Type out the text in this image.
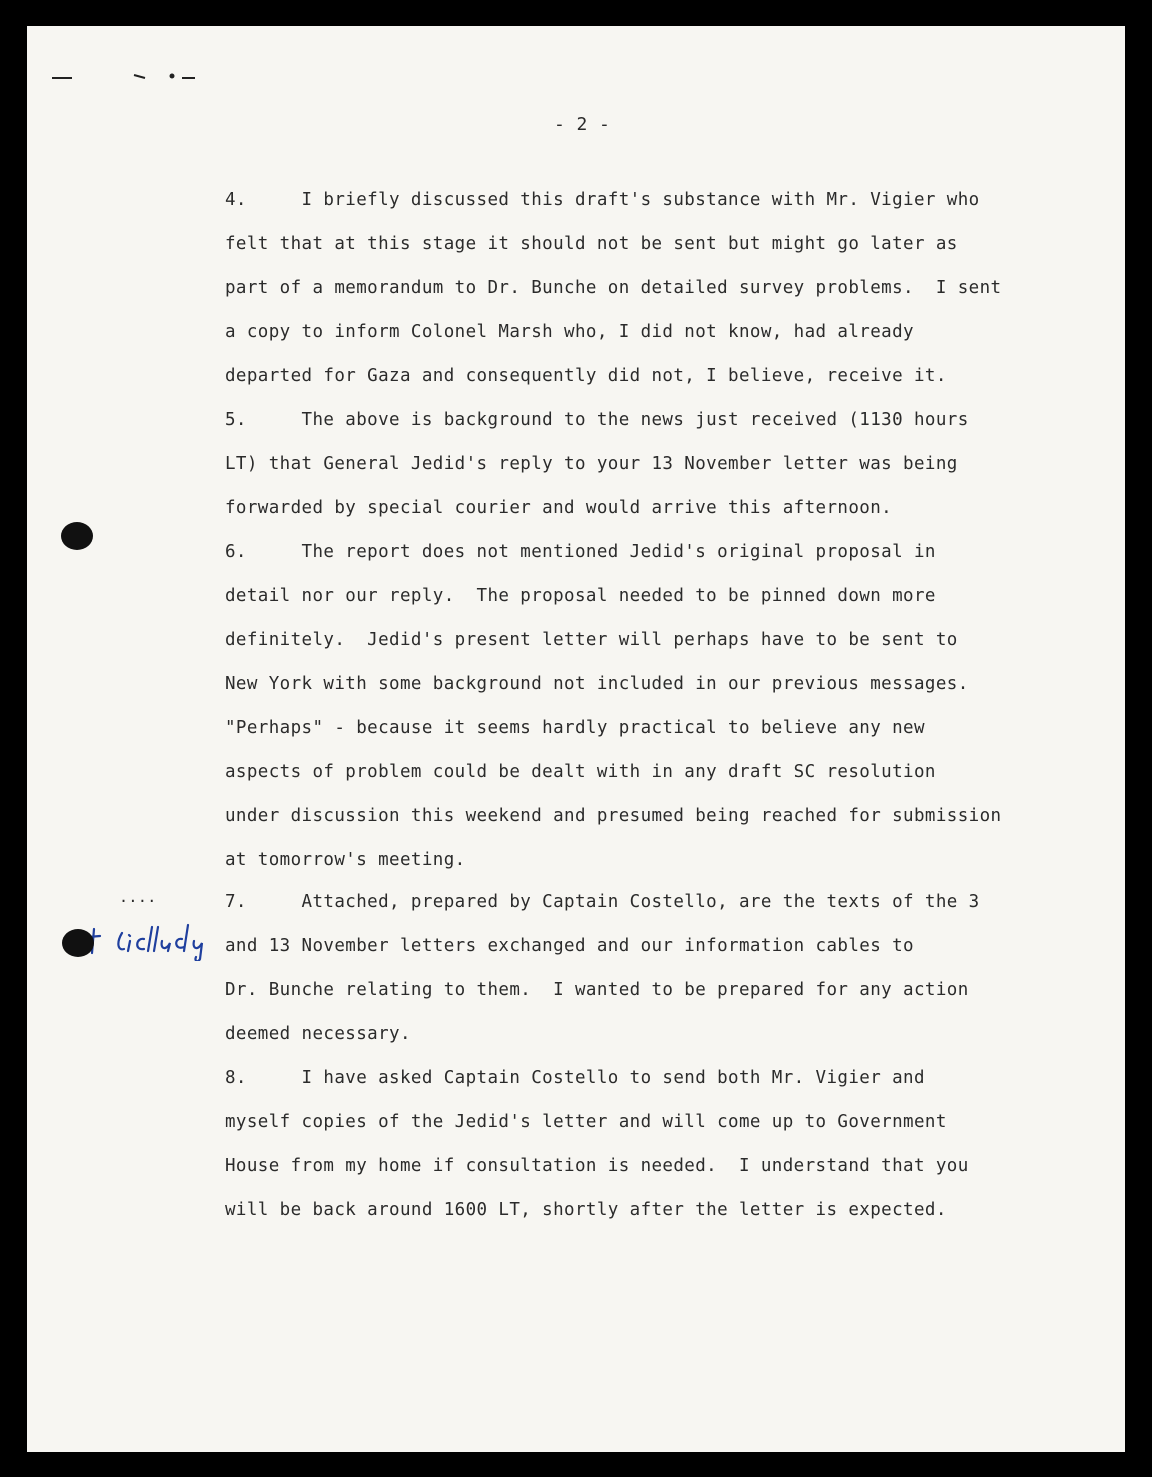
- 2 -
4.     I briefly discussed this draft's substance with Mr. Vigier who
felt that at this stage it should not be sent but might go later as
part of a memorandum to Dr. Bunche on detailed survey problems.  I sent
a copy to inform Colonel Marsh who, I did not know, had already
departed for Gaza and consequently did not, I believe, receive it.
5.     The above is background to the news just received (1130 hours
LT) that General Jedid's reply to your 13 November letter was being
forwarded by special courier and would arrive this afternoon.
6.     The report does not mentioned Jedid's original proposal in
detail nor our reply.  The proposal needed to be pinned down more
definitely.  Jedid's present letter will perhaps have to be sent to
New York with some background not included in our previous messages.
"Perhaps" - because it seems hardly practical to believe any new
aspects of problem could be dealt with in any draft SC resolution
under discussion this weekend and presumed being reached for submission
at tomorrow's meeting.
7.     Attached, prepared by Captain Costello, are the texts of the 3
and 13 November letters exchanged and our information cables to
Dr. Bunche relating to them.  I wanted to be prepared for any action
deemed necessary.
8.     I have asked Captain Costello to send both Mr. Vigier and
myself copies of the Jedid's letter and will come up to Government
House from my home if consultation is needed.  I understand that you
will be back around 1600 LT, shortly after the letter is expected.
....
